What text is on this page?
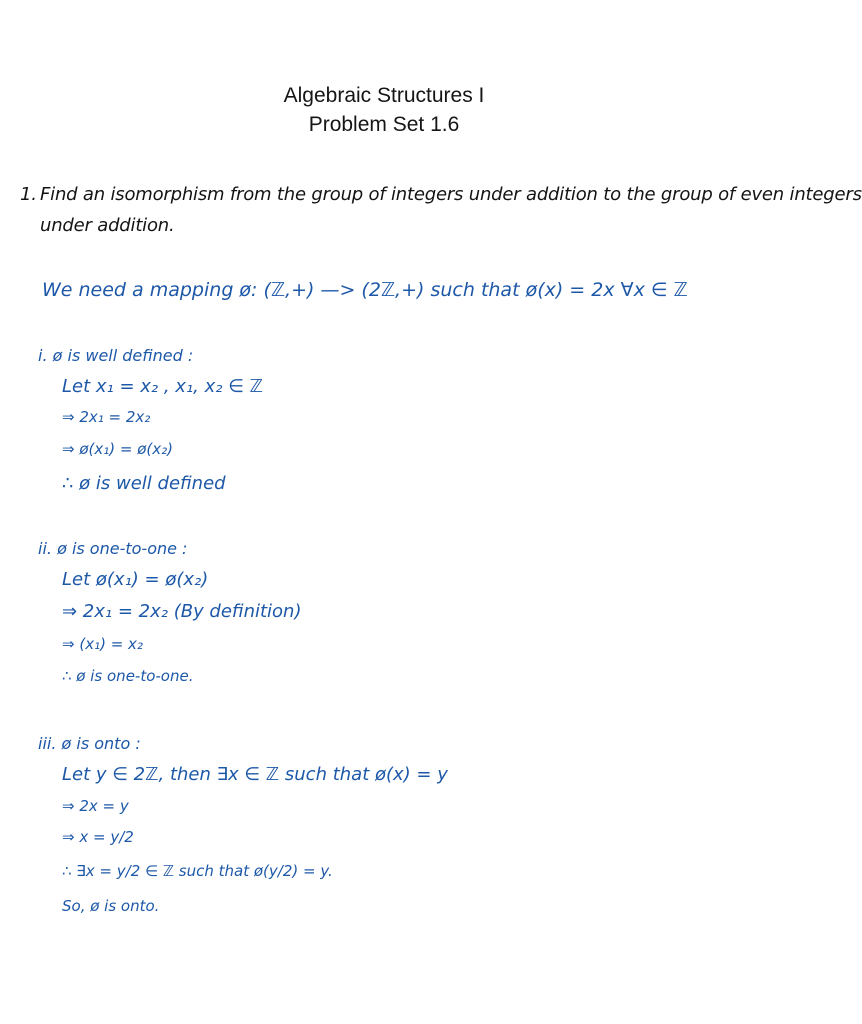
Algebraic Structures I
Problem Set 1.6
1. Find an isomorphism from the group of integers under addition to the group of even integers
under addition.
We need a mapping ø: (ℤ,+) —> (2ℤ,+) such that ø(x) = 2x ∀x ∈ ℤ
i. ø is well defined :
Let x₁ = x₂ , x₁, x₂ ∈ ℤ
⇒ 2x₁ = 2x₂
⇒ ø(x₁) = ø(x₂)
∴ ø is well defined
ii. ø is one-to-one :
Let ø(x₁) = ø(x₂)
⇒ 2x₁ = 2x₂ (By definition)
⇒ (x₁) = x₂
∴ ø is one-to-one.
iii. ø is onto :
Let y ∈ 2ℤ, then ∃x ∈ ℤ such that ø(x) = y
⇒ 2x = y
⇒ x = y/2
∴ ∃x = y/2 ∈ ℤ such that ø(y/2) = y.
So, ø is onto.
